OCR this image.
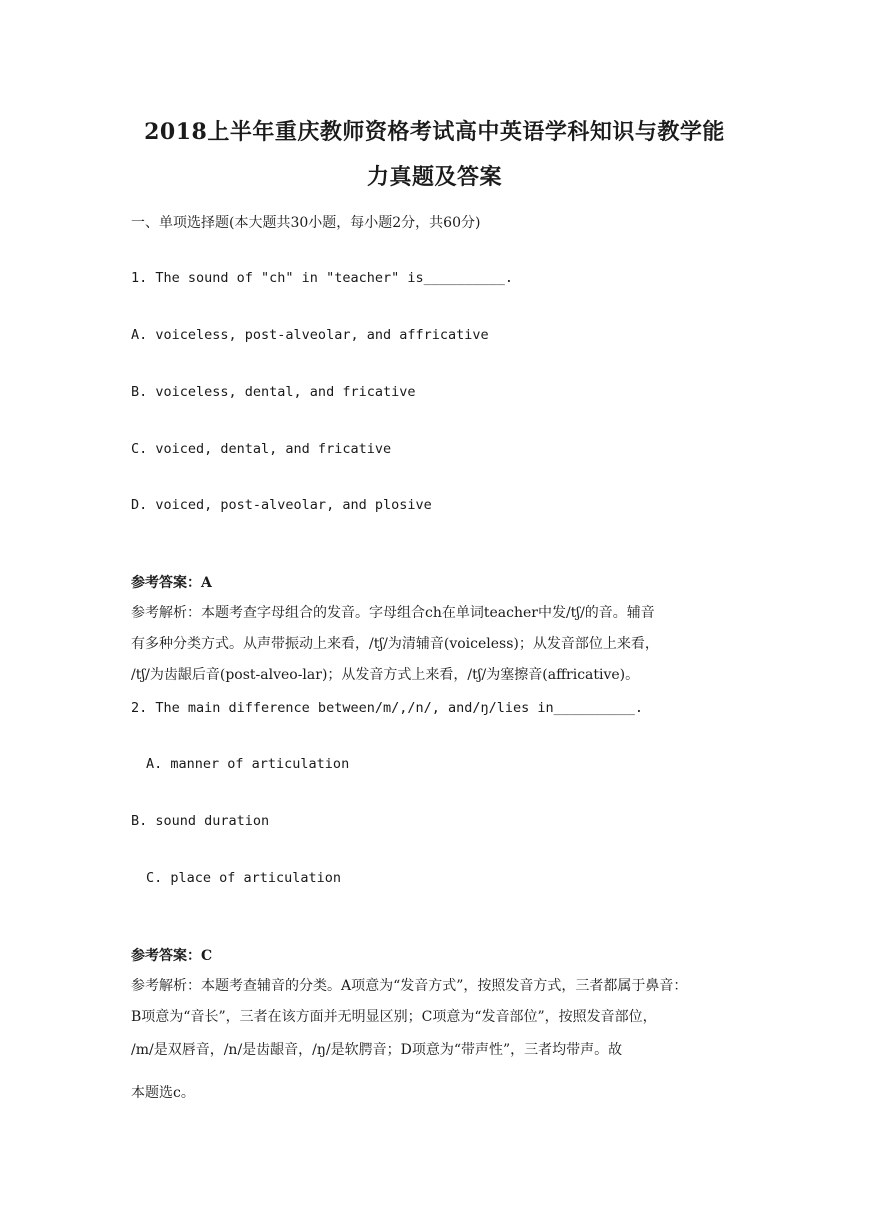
2018上半年重庆教师资格考试高中英语学科知识与教学能
力真题及答案
一、单项选择题(本大题共30小题，每小题2分，共60分)
1. The sound of "ch" in "teacher" is__________.
A. voiceless, post-alveolar, and affricative
B. voiceless, dental, and fricative
C. voiced, dental, and fricative
D. voiced, post-alveolar, and plosive
参考答案：A
参考解析：本题考查字母组合的发音。字母组合ch在单词teacher中发/tʃ/的音。辅音
有多种分类方式。从声带振动上来看，/tʃ/为清辅音(voiceless)；从发音部位上来看，
/tʃ/为齿龈后音(post-alveo-lar)；从发音方式上来看，/tʃ/为塞擦音(affricative)。
2. The main difference between/m/,/n/, and/ŋ/lies in__________.
A. manner of articulation
B. sound duration
C. place of articulation
参考答案：C
参考解析：本题考查辅音的分类。A项意为“发音方式”，按照发音方式，三者都属于鼻音：
B项意为“音长”，三者在该方面并无明显区别；C项意为“发音部位”，按照发音部位，
/m/是双唇音，/n/是齿龈音，/ŋ/是软腭音；D项意为“带声性”，三者均带声。故
本题选c。
